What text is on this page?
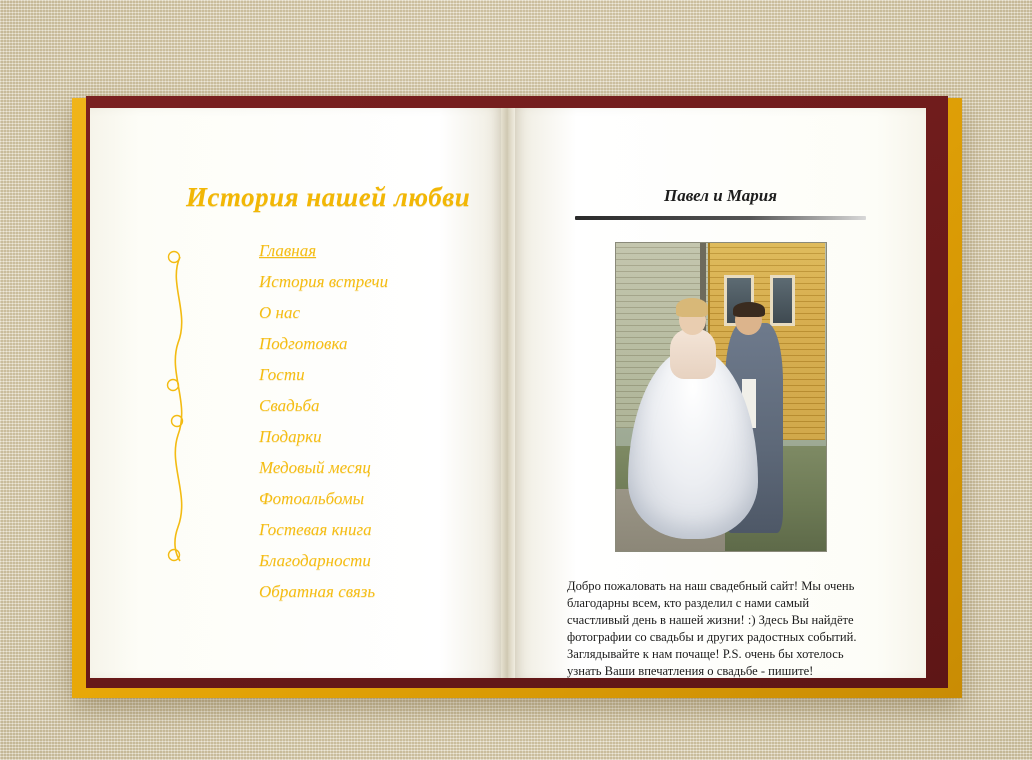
История нашей любви
Главная
История встречи
О нас
Подготовка
Гости
Свадьба
Подарки
Медовый месяц
Фотоальбомы
Гостевая книга
Благодарности
Обратная связь
Павел и Мария

Добро пожаловать на наш свадебный сайт! Мы очень благодарны всем, кто разделил с нами самый счастливый день в нашей жизни! :) Здесь Вы найдёте фотографии со свадьбы и других радостных событий. Заглядывайте к нам почаще! P.S. очень бы хотелось узнать Ваши впечатления о свадьбе - пишите!
